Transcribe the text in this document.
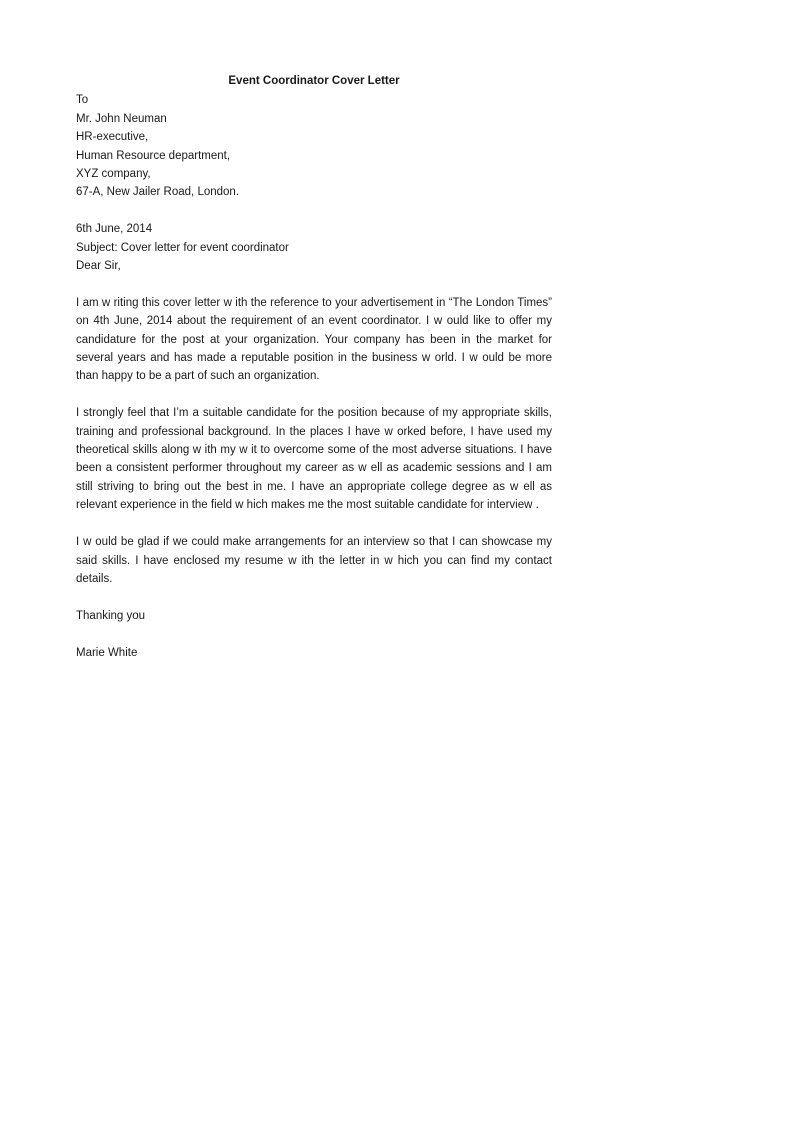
Event Coordinator Cover Letter
To
Mr. John Neuman
HR-executive,
Human Resource department,
XYZ company,
67-A, New Jailer Road, London.
6th June, 2014
Subject: Cover letter for event coordinator
Dear Sir,

I am w riting this cover letter w ith the reference to your advertisement in “The London Times” on 4th June, 2014 about the requirement of an event coordinator. I w ould like to offer my candidature for the post at your organization. Your company has been in the market for several years and has made a reputable position in the business w orld. I w ould be more than happy to be a part of such an organization.

I strongly feel that I’m a suitable candidate for the position because of my appropriate skills, training and professional background. In the places I have w orked before, I have used my theoretical skills along w ith my w it to overcome some of the most adverse situations. I have been a consistent performer throughout my career as w ell as academic sessions and I am still striving to bring out the best in me. I have an appropriate college degree as w ell as relevant experience in the field w hich makes me the most suitable candidate for interview .

I w ould be glad if we could make arrangements for an interview so that I can showcase my said skills. I have enclosed my resume w ith the letter in w hich you can find my contact details.

Thanking you
Marie White
